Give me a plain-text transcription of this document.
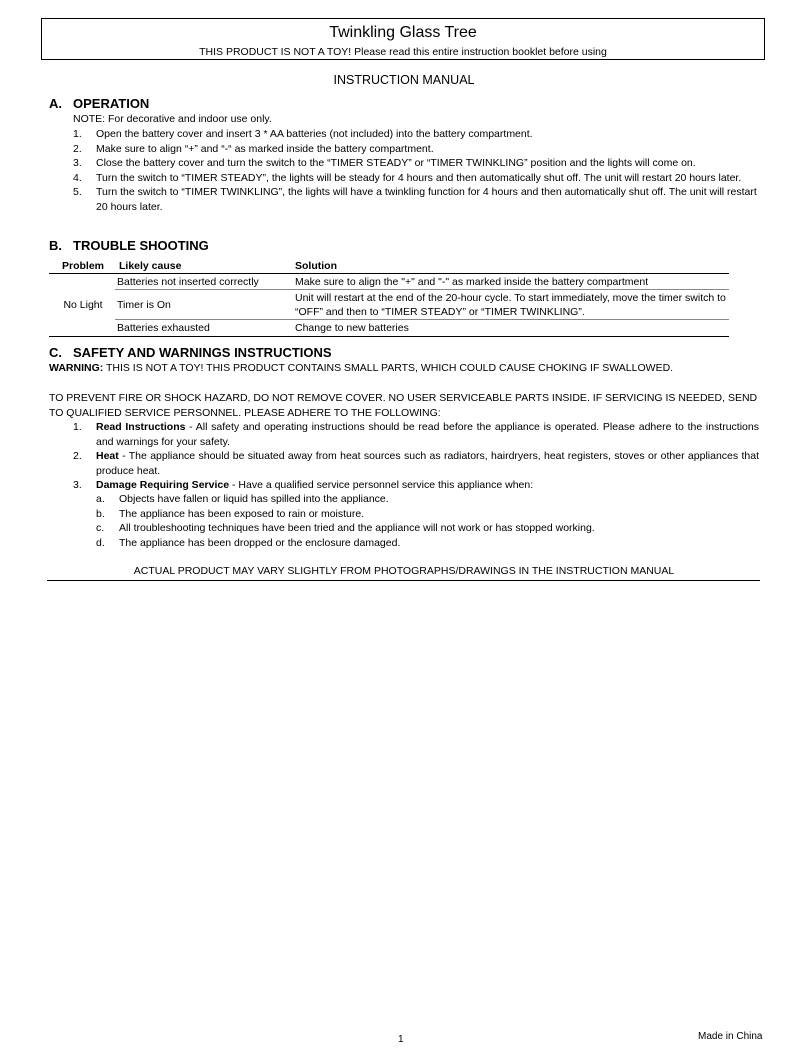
Twinkling Glass Tree
THIS PRODUCT IS NOT A TOY! Please read this entire instruction booklet before using
INSTRUCTION MANUAL
A. OPERATION
NOTE: For decorative and indoor use only.
1.	Open the battery cover and insert 3 * AA batteries (not included) into the battery compartment.
2.	Make sure to align “+” and “-“ as marked inside the battery compartment.
3.	Close the battery cover and turn the switch to the “TIMER STEADY” or “TIMER TWINKLING” position and the lights will come on.
4.	Turn the switch to “TIMER STEADY”, the lights will be steady for 4 hours and then automatically shut off. The unit will restart 20 hours later.
5.	Turn the switch to “TIMER TWINKLING”, the lights will have a twinkling function for 4 hours and then automatically shut off. The unit will restart 20 hours later.
B. TROUBLE SHOOTING
Problem	Likely cause	Solution
No Light	Batteries not inserted correctly	Make sure to align the "+" and "-" as marked inside the battery compartment
	Timer is On	Unit will restart at the end of the 20-hour cycle. To start immediately, move the timer switch to “OFF” and then to “TIMER STEADY” or “TIMER TWINKLING”.
	Batteries exhausted	Change to new batteries
C. SAFETY AND WARNINGS INSTRUCTIONS
WARNING: THIS IS NOT A TOY! THIS PRODUCT CONTAINS SMALL PARTS, WHICH COULD CAUSE CHOKING IF SWALLOWED.
TO PREVENT FIRE OR SHOCK HAZARD, DO NOT REMOVE COVER. NO USER SERVICEABLE PARTS INSIDE. IF SERVICING IS NEEDED, SEND TO QUALIFIED SERVICE PERSONNEL. PLEASE ADHERE TO THE FOLLOWING:
1.	Read Instructions - All safety and operating instructions should be read before the appliance is operated. Please adhere to the instructions and warnings for your safety.
2.	Heat - The appliance should be situated away from heat sources such as radiators, hairdryers, heat registers, stoves or other appliances that produce heat.
3.	Damage Requiring Service - Have a qualified service personnel service this appliance when:
a.	Objects have fallen or liquid has spilled into the appliance.
b.	The appliance has been exposed to rain or moisture.
c.	All troubleshooting techniques have been tried and the appliance will not work or has stopped working.
d.	The appliance has been dropped or the enclosure damaged.
ACTUAL PRODUCT MAY VARY SLIGHTLY FROM PHOTOGRAPHS/DRAWINGS IN THE INSTRUCTION MANUAL
1	Made in China
